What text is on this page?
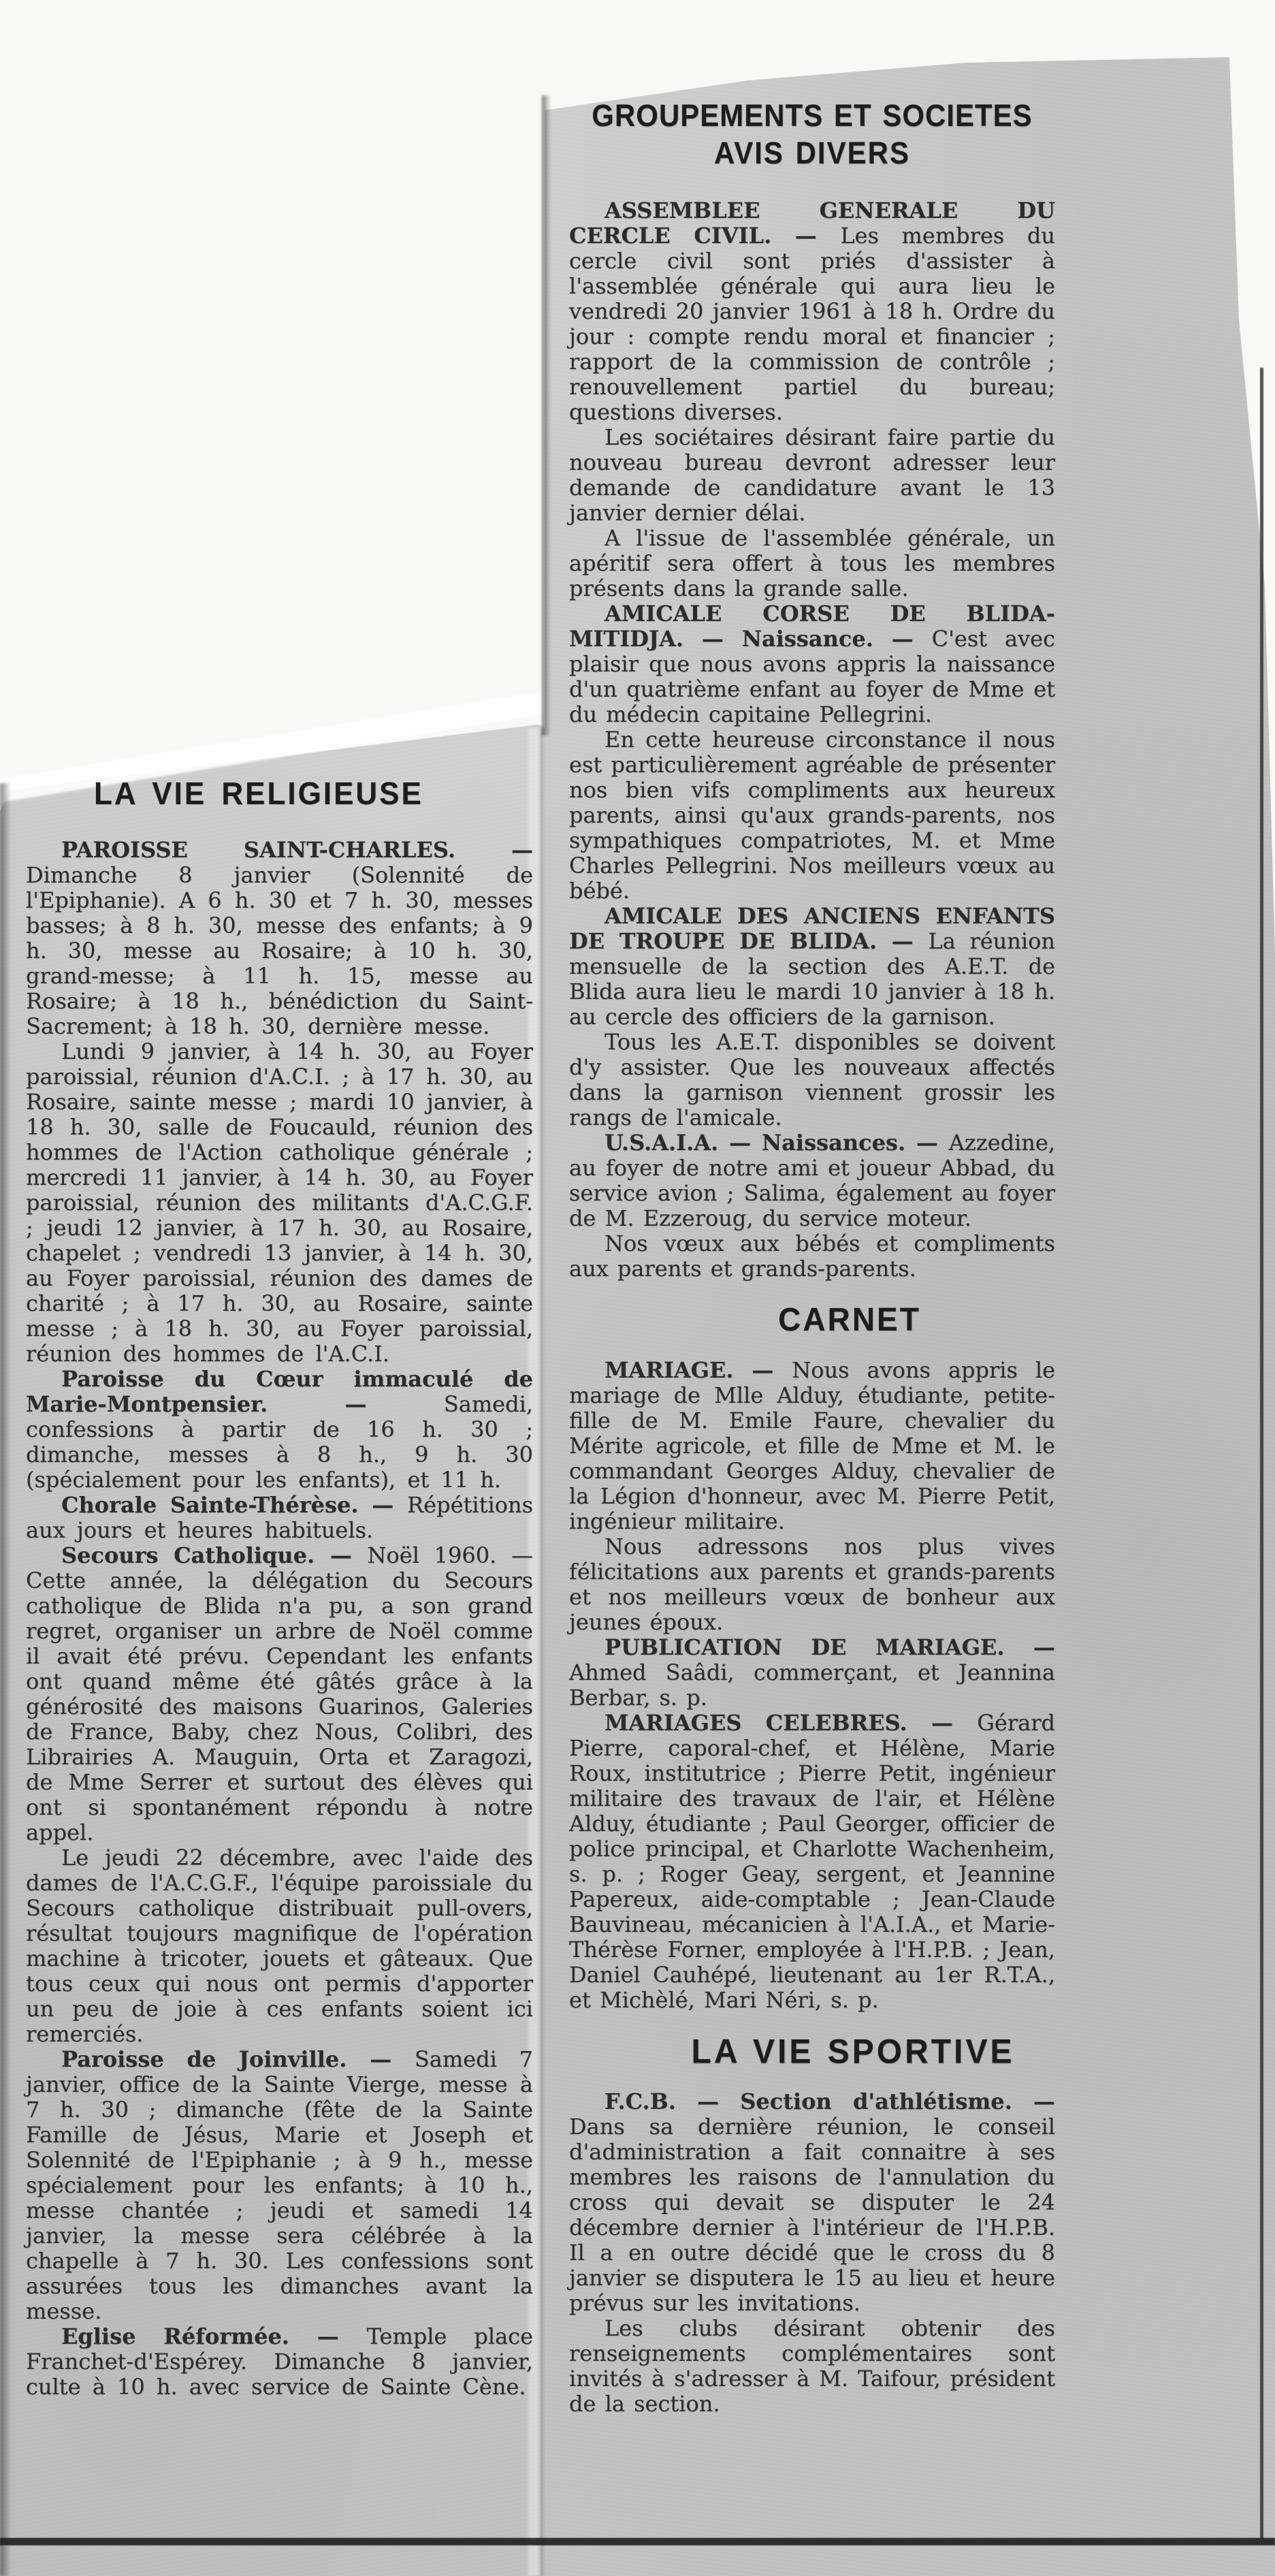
GROUPEMENTS ET SOCIETES
AVIS DIVERS

ASSEMBLEE GENERALE DU CERCLE CIVIL. — Les membres du cercle civil sont priés d'assister à l'assemblée générale qui aura lieu le vendredi 20 janvier 1961 à 18 h. Ordre du jour : compte rendu moral et financier ; rapport de la commission de contrôle ; renouvellement partiel du bureau; questions diverses.

Les sociétaires désirant faire partie du nouveau bureau devront adresser leur demande de candidature avant le 13 janvier dernier délai.

A l'issue de l'assemblée générale, un apéritif sera offert à tous les membres présents dans la grande salle.

AMICALE CORSE DE BLIDA-MITIDJA. — Naissance. — C'est avec plaisir que nous avons appris la naissance d'un quatrième enfant au foyer de Mme et du médecin capitaine Pellegrini.

En cette heureuse circonstance il nous est particulièrement agréable de présenter nos bien vifs compliments aux heureux parents, ainsi qu'aux grands-parents, nos sympathiques compatriotes, M. et Mme Charles Pellegrini. Nos meilleurs vœux au bébé.

AMICALE DES ANCIENS ENFANTS DE TROUPE DE BLIDA. — La réunion mensuelle de la section des A.E.T. de Blida aura lieu le mardi 10 janvier à 18 h. au cercle des officiers de la garnison.

Tous les A.E.T. disponibles se doivent d'y assister. Que les nouveaux affectés dans la garnison viennent grossir les rangs de l'amicale.

U.S.A.I.A. — Naissances. — Azzedine, au foyer de notre ami et joueur Abbad, du service avion ; Salima, également au foyer de M. Ezzeroug, du service moteur.

Nos vœux aux bébés et compliments aux parents et grands-parents.

CARNET

MARIAGE. — Nous avons appris le mariage de Mlle Alduy, étudiante, petite-fille de M. Emile Faure, chevalier du Mérite agricole, et fille de Mme et M. le commandant Georges Alduy, chevalier de la Légion d'honneur, avec M. Pierre Petit, ingénieur militaire.

Nous adressons nos plus vives félicitations aux parents et grands-parents et nos meilleurs vœux de bonheur aux jeunes époux.

PUBLICATION DE MARIAGE. — Ahmed Saâdi, commerçant, et Jeannina Berbar, s. p.

MARIAGES CELEBRES. — Gérard Pierre, caporal-chef, et Hélène, Marie Roux, institutrice ; Pierre Petit, ingénieur militaire des travaux de l'air, et Hélène Alduy, étudiante ; Paul Georger, officier de police principal, et Charlotte Wachenheim, s. p. ; Roger Geay, sergent, et Jeannine Papereux, aide-comptable ; Jean-Claude Bauvineau, mécanicien à l'A.I.A., et Marie-Thérèse Forner, employée à l'H.P.B. ; Jean, Daniel Cauhépé, lieutenant au 1er R.T.A., et Michèlé, Mari Néri, s. p.

LA VIE SPORTIVE

F.C.B. — Section d'athlétisme. — Dans sa dernière réunion, le conseil d'administration a fait connaitre à ses membres les raisons de l'annulation du cross qui devait se disputer le 24 décembre dernier à l'intérieur de l'H.P.B. Il a en outre décidé que le cross du 8 janvier se disputera le 15 au lieu et heure prévus sur les invitations.

Les clubs désirant obtenir des renseignements complémentaires sont invités à s'adresser à M. Taifour, président de la section.

LA VIE RELIGIEUSE

PAROISSE SAINT-CHARLES. — Dimanche 8 janvier (Solennité de l'Epiphanie). A 6 h. 30 et 7 h. 30, messes basses; à 8 h. 30, messe des enfants; à 9 h. 30, messe au Rosaire; à 10 h. 30, grand-messe; à 11 h. 15, messe au Rosaire; à 18 h., bénédiction du Saint-Sacrement; à 18 h. 30, dernière messe.

Lundi 9 janvier, à 14 h. 30, au Foyer paroissial, réunion d'A.C.I. ; à 17 h. 30, au Rosaire, sainte messe ; mardi 10 janvier, à 18 h. 30, salle de Foucauld, réunion des hommes de l'Action catholique générale ; mercredi 11 janvier, à 14 h. 30, au Foyer paroissial, réunion des militants d'A.C.G.F. ; jeudi 12 janvier, à 17 h. 30, au Rosaire, chapelet ; vendredi 13 janvier, à 14 h. 30, au Foyer paroissial, réunion des dames de charité ; à 17 h. 30, au Rosaire, sainte messe ; à 18 h. 30, au Foyer paroissial, réunion des hommes de l'A.C.I.

Paroisse du Cœur immaculé de Marie-Montpensier. — Samedi, confessions à partir de 16 h. 30 ; dimanche, messes à 8 h., 9 h. 30 (spécialement pour les enfants), et 11 h.

Chorale Sainte-Thérèse. — Répétitions aux jours et heures habituels.

Secours Catholique. — Noël 1960. — Cette année, la délégation du Secours catholique de Blida n'a pu, a son grand regret, organiser un arbre de Noël comme il avait été prévu. Cependant les enfants ont quand même été gâtés grâce à la générosité des maisons Guarinos, Galeries de France, Baby, chez Nous, Colibri, des Librairies A. Mauguin, Orta et Zaragozi, de Mme Serrer et surtout des élèves qui ont si spontanément répondu à notre appel.

Le jeudi 22 décembre, avec l'aide des dames de l'A.C.G.F., l'équipe paroissiale du Secours catholique distribuait pull-overs, résultat toujours magnifique de l'opération machine à tricoter, jouets et gâteaux. Que tous ceux qui nous ont permis d'apporter un peu de joie à ces enfants soient ici remerciés.

Paroisse de Joinville. — Samedi 7 janvier, office de la Sainte Vierge, messe à 7 h. 30 ; dimanche (fête de la Sainte Famille de Jésus, Marie et Joseph et Solennité de l'Epiphanie ; à 9 h., messe spécialement pour les enfants; à 10 h., messe chantée ; jeudi et samedi 14 janvier, la messe sera célébrée à la chapelle à 7 h. 30. Les confessions sont assurées tous les dimanches avant la messe.

Eglise Réformée. — Temple place Franchet-d'Espérey. Dimanche 8 janvier, culte à 10 h. avec service de Sainte Cène.
